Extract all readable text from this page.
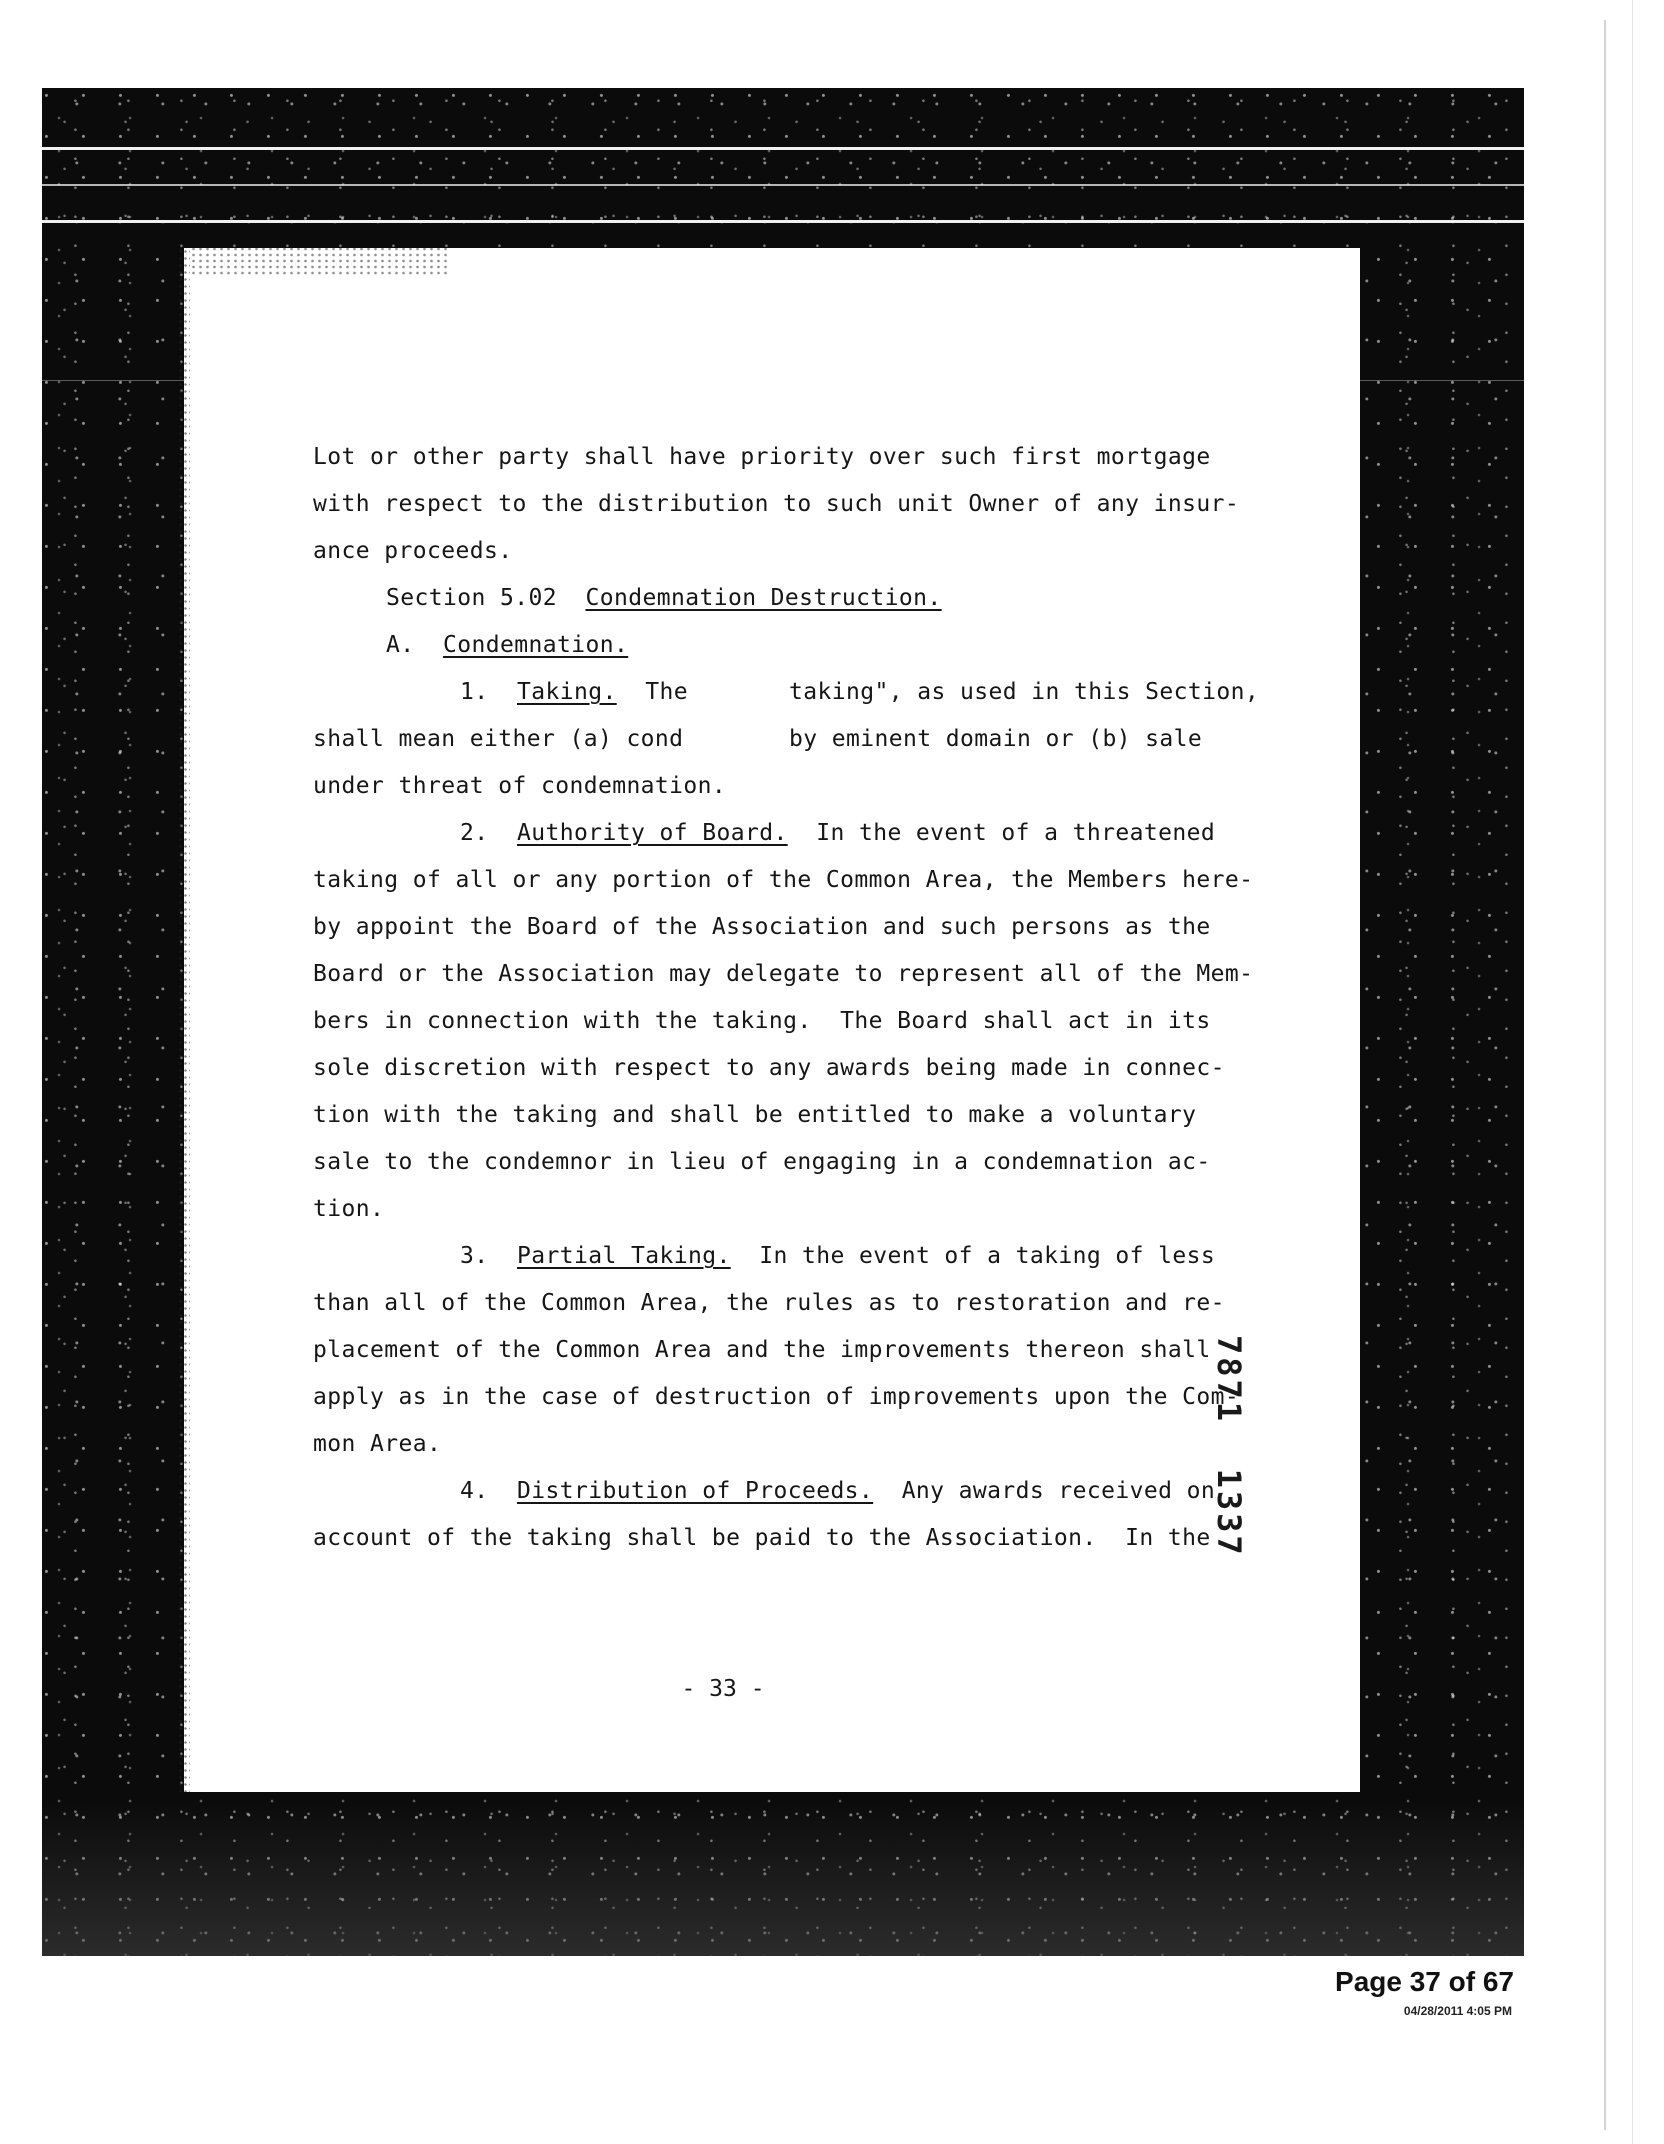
Lot or other party shall have priority over such first mortgage
with respect to the distribution to such unit Owner of any insur-
ance proceeds.
Section 5.02 Condemnation Destruction.
A. Condemnation.
1. Taking. The	taking", as used in this Section,
shall mean either (a) cond	by eminent domain or (b) sale
under threat of condemnation.
2. Authority of Board. In the event of a threatened
taking of all or any portion of the Common Area, the Members here-
by appoint the Board of the Association and such persons as the
Board or the Association may delegate to represent all of the Mem-
bers in connection with the taking.  The Board shall act in its
sole discretion with respect to any awards being made in connec-
tion with the taking and shall be entitled to make a voluntary
sale to the condemnor in lieu of engaging in a condemnation ac-
tion.
3. Partial Taking. In the event of a taking of less
than all of the Common Area, the rules as to restoration and re-
placement of the Common Area and the improvements thereon shall
apply as in the case of destruction of improvements upon the Com-
mon Area.
4. Distribution of Proceeds. Any awards received on
account of the taking shall be paid to the Association.  In the
- 33 -
7871  1337
Page 37 of 67
04/28/2011 4:05 PM
